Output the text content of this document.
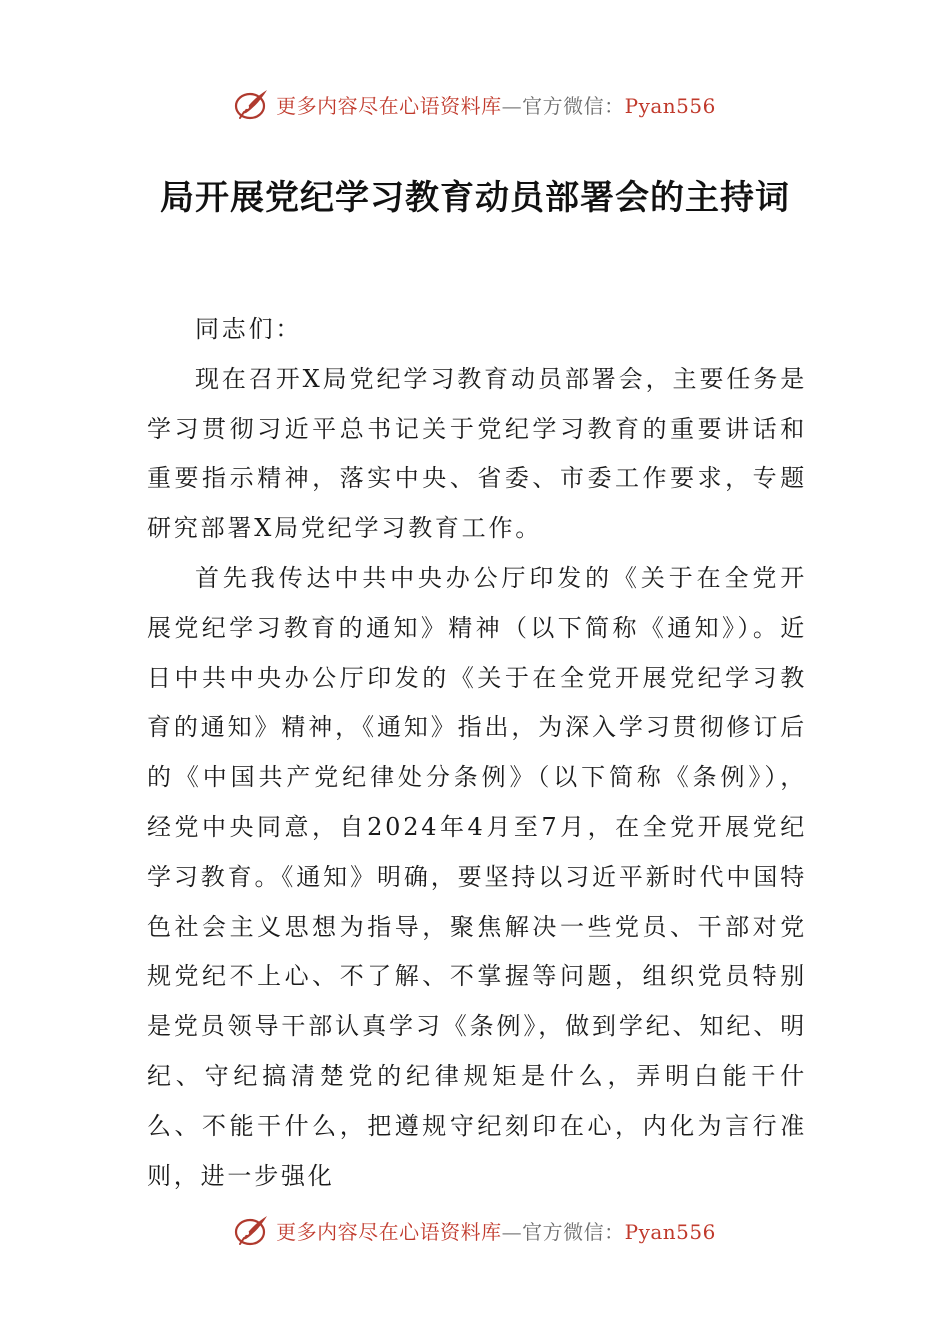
更多内容尽在心语资料库—官方微信：Pyan556
局开展党纪学习教育动员部署会的主持词

同志们：

现在召开X局党纪学习教育动员部署会，主要任务是学习贯彻习近平总书记关于党纪学习教育的重要讲话和重要指示精神，落实中央、省委、市委工作要求，专题研究部署X局党纪学习教育工作。

首先我传达中共中央办公厅印发的《关于在全党开展党纪学习教育的通知》精神（以下简称《通知》）。近日中共中央办公厅印发的《关于在全党开展党纪学习教育的通知》精神，《通知》指出，为深入学习贯彻修订后的《中国共产党纪律处分条例》（以下简称《条例》），经党中央同意，自2024年4月至7月，在全党开展党纪学习教育。《通知》明确，要坚持以习近平新时代中国特色社会主义思想为指导，聚焦解决一些党员、干部对党规党纪不上心、不了解、不掌握等问题，组织党员特别是党员领导干部认真学习《条例》，做到学纪、知纪、明纪、守纪搞清楚党的纪律规矩是什么，弄明白能干什么、不能干什么，把遵规守纪刻印在心，内化为言行准则，进一步强化

更多内容尽在心语资料库—官方微信：Pyan556
